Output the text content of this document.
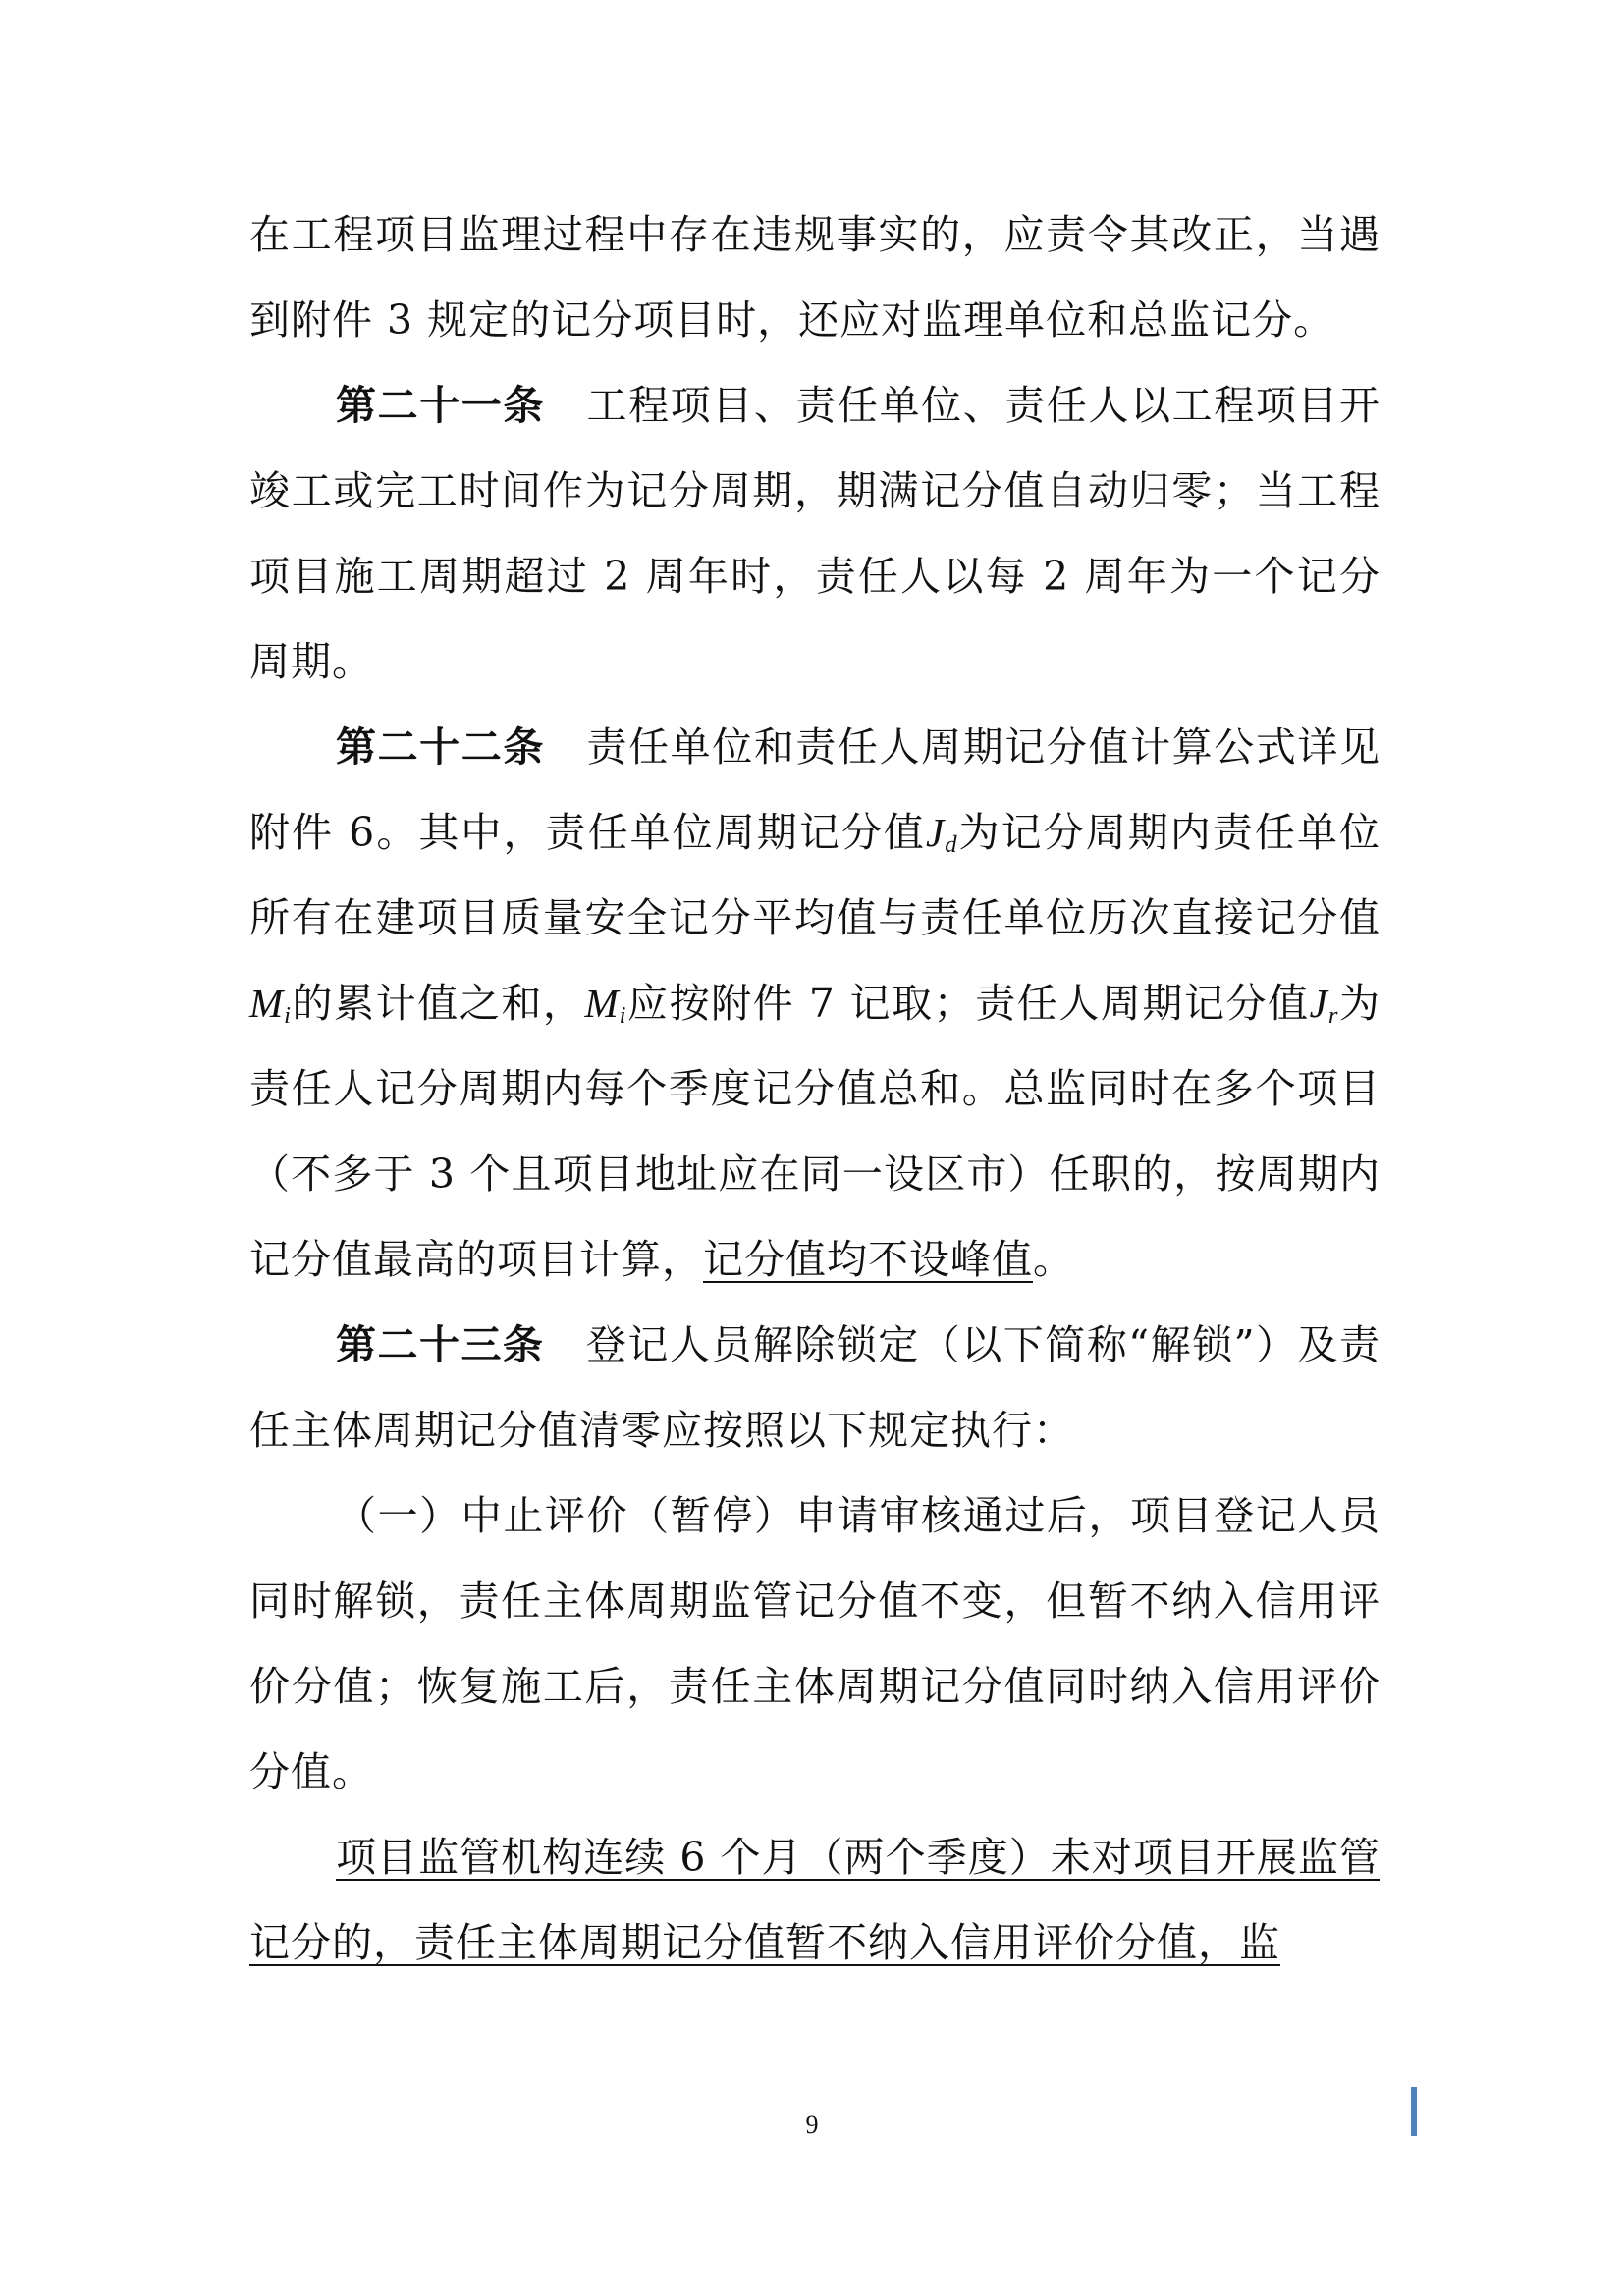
在工程项目监理过程中存在违规事实的，应责令其改正，当遇到附件 3 规定的记分项目时，还应对监理单位和总监记分。

第二十一条　 工程项目、责任单位、责任人以工程项目开竣工或完工时间作为记分周期，期满记分值自动归零；当工程项目施工周期超过 2 周年时，责任人以每 2 周年为一个记分周期。

第二十二条　 责任单位和责任人周期记分值计算公式详见附件 6。其中，责任单位周期记分值$J_d$为记分周期内责任单位所有在建项目质量安全记分平均值与责任单位历次直接记分值$M_i$的累计值之和，$M_i$应按附件 7 记取；责任人周期记分值$J_r$为责任人记分周期内每个季度记分值总和。总监同时在多个项目（不多于 3 个且项目地址应在同一设区市）任职的，按周期内记分值最高的项目计算，记分值均不设峰值。

第二十三条　 登记人员解除锁定（以下简称“解锁”）及责任主体周期记分值清零应按照以下规定执行：

（一）中止评价（暂停）申请审核通过后，项目登记人员同时解锁，责任主体周期监管记分值不变，但暂不纳入信用评价分值；恢复施工后，责任主体周期记分值同时纳入信用评价分值。

项目监管机构连续 6 个月（两个季度）未对项目开展监管记分的，责任主体周期记分值暂不纳入信用评价分值，监

9
